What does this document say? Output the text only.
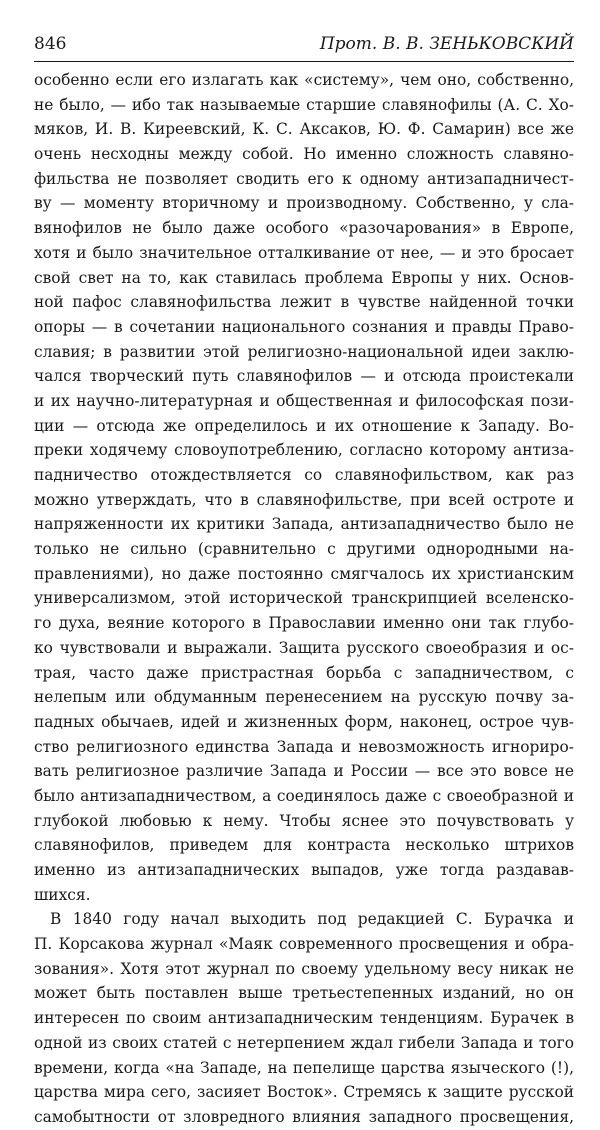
846	Прот. В. В. ЗЕНЬКОВСКИЙ
особенно если его излагать как «систему», чем оно, собственно,
не было, — ибо так называемые старшие славянофилы (А. С. Хо-
мяков, И. В. Киреевский, К. С. Аксаков, Ю. Ф. Самарин) все же
очень несходны между собой. Но именно сложность славяно-
фильства не позволяет сводить его к одному антизападничест-
ву — моменту вторичному и производному. Собственно, у сла-
вянофилов не было даже особого «разочарования» в Европе,
хотя и было значительное отталкивание от нее, — и это бросает
свой свет на то, как ставилась проблема Европы у них. Основ-
ной пафос славянофильства лежит в чувстве найденной точки
опоры — в сочетании национального сознания и правды Право-
славия; в развитии этой религиозно-национальной идеи заклю-
чался творческий путь славянофилов — и отсюда проистекали
и их научно-литературная и общественная и философская пози-
ции — отсюда же определилось и их отношение к Западу. Во-
преки ходячему словоупотреблению, согласно которому антиза-
падничество отождествляется со славянофильством, как раз
можно утверждать, что в славянофильстве, при всей остроте и
напряженности их критики Запада, антизападничество было не
только не сильно (сравнительно с другими однородными на-
правлениями), но даже постоянно смягчалось их христианским
универсализмом, этой исторической транскрипцией вселенско-
го духа, веяние которого в Православии именно они так глубо-
ко чувствовали и выражали. Защита русского своеобразия и ос-
трая, часто даже пристрастная борьба с западничеством, с
нелепым или обдуманным перенесением на русскую почву за-
падных обычаев, идей и жизненных форм, наконец, острое чув-
ство религиозного единства Запада и невозможность игнориро-
вать религиозное различие Запада и России — все это вовсе не
было антизападничеством, а соединялось даже с своеобразной и
глубокой любовью к нему. Чтобы яснее это почувствовать у
славянофилов, приведем для контраста несколько штрихов
именно из антизападнических выпадов, уже тогда раздавав-
шихся.
В 1840 году начал выходить под редакцией С. Бурачка и
П. Корсакова журнал «Маяк современного просвещения и обра-
зования». Хотя этот журнал по своему удельному весу никак не
может быть поставлен выше третьестепенных изданий, но он
интересен по своим антизападническим тенденциям. Бурачек в
одной из своих статей с нетерпением ждал гибели Запада и того
времени, когда «на Западе, на пепелище царства языческого (!),
царства мира сего, засияет Восток». Стремясь к защите русской
самобытности от зловредного влияния западного просвещения,
